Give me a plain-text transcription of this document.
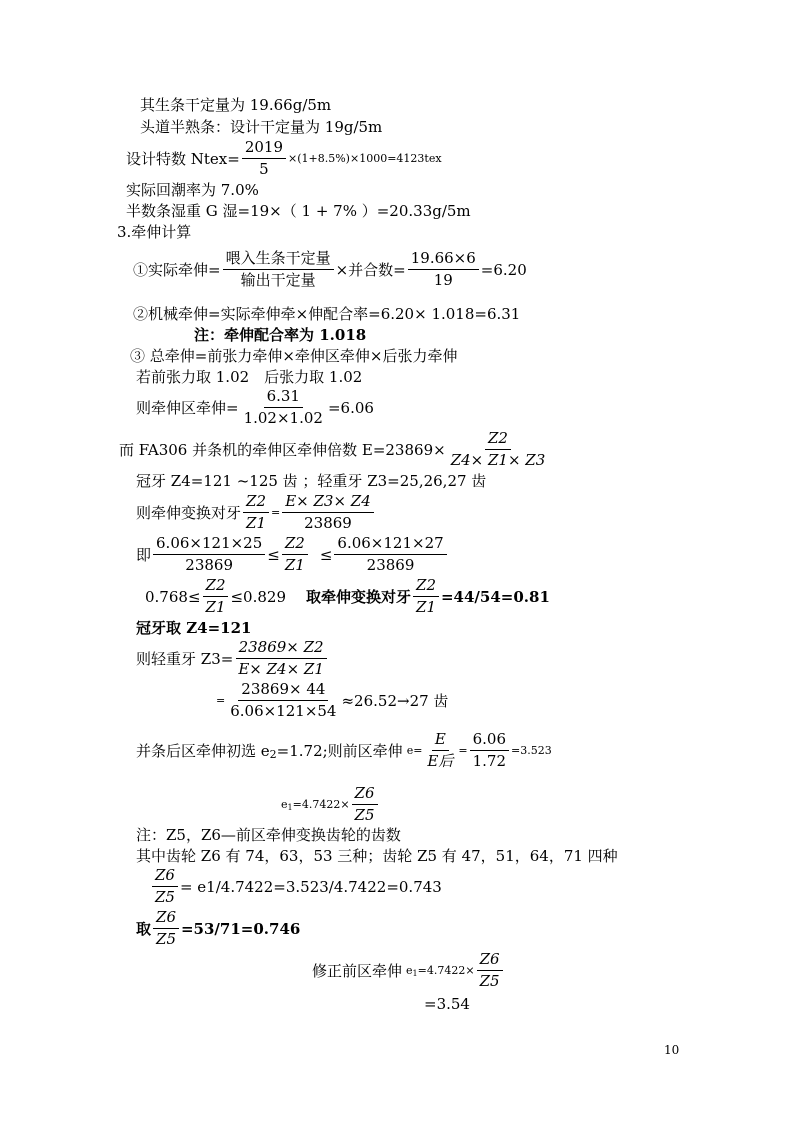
其生条干定量为 19.66g/5m
头道半熟条：设计干定量为 19g/5m
设计特数 Ntex= $\frac{2019}{5} \times(1+8.5\%)\times 1000=4123tex$
实际回潮率为 7.0%
半数条湿重 G 湿=19×（ 1 + 7% ）=20.33g/5m
3.牵伸计算
①实际牵伸= $\frac{\text{喂入生条干定量}}{\text{输出干定量}}$ ×并合数= $\frac{19.66\times 6}{19} =6.20$
②机械牵伸=实际牵伸牵×伸配合率=6.20× 1.018=6.31
注：牵伸配合率为 1.018
③ 总牵伸=前张力牵伸×牵伸区牵伸×后张力牵伸
若前张力取 1.02　后张力取 1.02
则牵伸区牵伸= $\frac{6.31}{1.02\times 1.02} =6.06$
而 FA306 并条机的牵伸区牵伸倍数 $E=23869\times \frac{Z2}{Z4\times Z1\times Z3}$
冠牙 Z4=121 ~125 齿 ；轻重牙 Z3=25,26,27 齿
则牵伸变换对牙 $\frac{Z2}{Z1} = \frac{E\times Z3\times Z4}{23869}$
即 $\frac{6.06\times 121\times 25}{23869} \le \frac{Z2}{Z1} \le \frac{6.06\times 121\times 27}{23869}$
$0.768\le \frac{Z2}{Z1} \le 0.829$ 取牵伸变换对牙 $\frac{Z2}{Z1} =44/54=0.81$
冠牙取 Z4=121
则轻重牙 $Z3= \frac{23869\times Z2}{E\times Z4\times Z1}$
= $\frac{23869\times 44}{6.06\times 121\times 54} \approx 26.52\to 27$ 齿
并条后区牵伸初选 e 2 =1.72;则前区牵伸 $e= \frac{E}{\text{E后}} = \frac{6.06}{1.72} =3.523$
e $1 =4.7422\times \frac{Z6}{Z5}$
注：Z5，Z6—前区牵伸变换齿轮的齿数
其中齿轮 Z6 有 74，63，53 三种；齿轮 Z5 有 47，51，64，71 四种
$\frac{Z6}{Z5} = e1/4.7422=3.523/4.7422=0.743$
取 $\frac{Z6}{Z5} =53/71=0.746$
修正前区牵伸 e $1 =4.7422\times \frac{Z6}{Z5}$
=3.54
10
